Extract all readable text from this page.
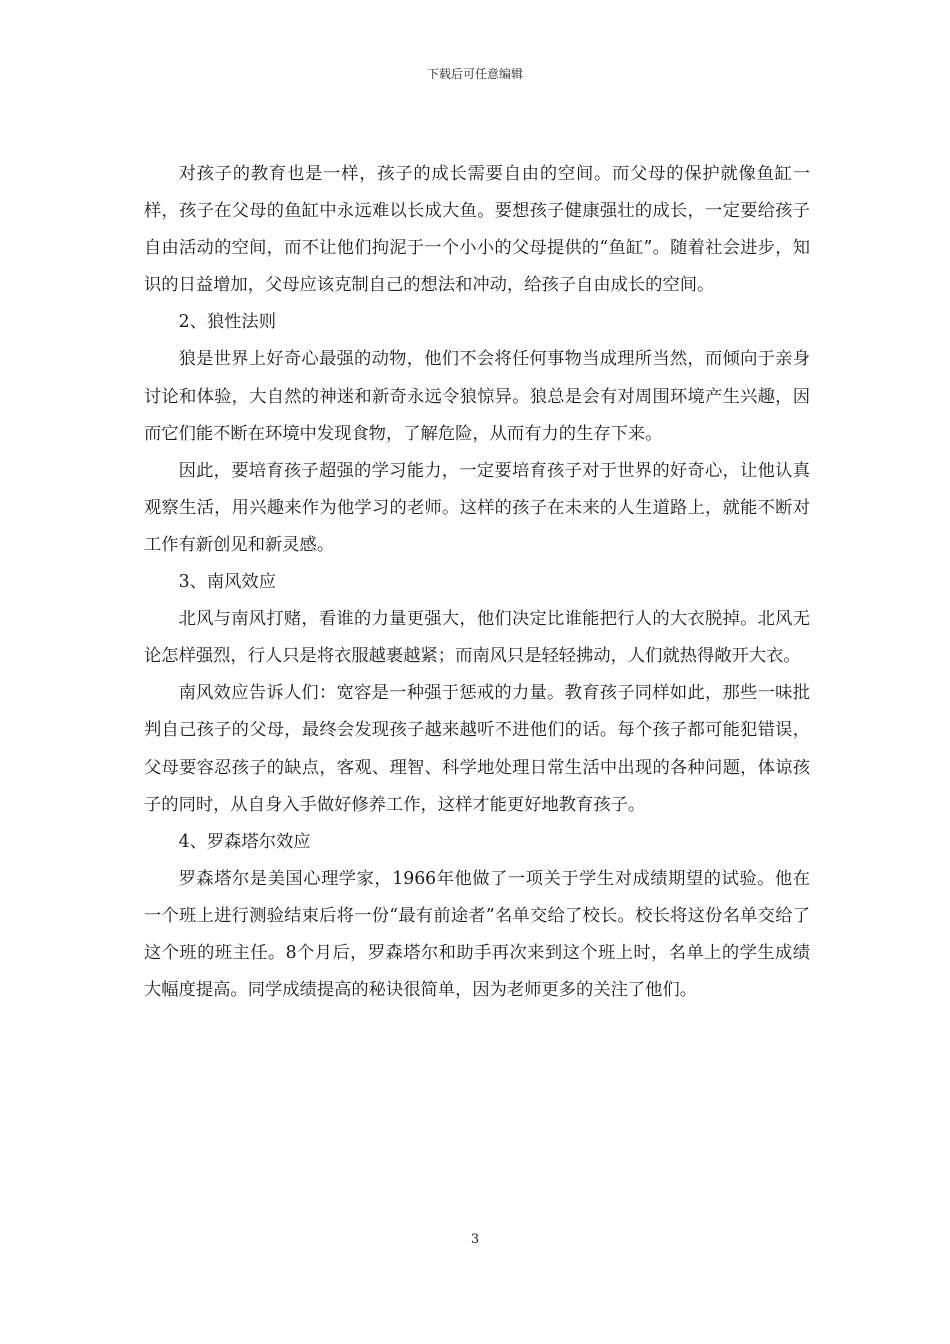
下载后可任意编辑

对孩子的教育也是一样，孩子的成长需要自由的空间。而父母的保护就像鱼缸一样，孩子在父母的鱼缸中永远难以长成大鱼。要想孩子健康强壮的成长，一定要给孩子自由活动的空间，而不让他们拘泥于一个小小的父母提供的“鱼缸”。随着社会进步，知识的日益增加，父母应该克制自己的想法和冲动，给孩子自由成长的空间。

2、狼性法则

狼是世界上好奇心最强的动物，他们不会将任何事物当成理所当然，而倾向于亲身讨论和体验，大自然的神迷和新奇永远令狼惊异。狼总是会有对周围环境产生兴趣，因而它们能不断在环境中发现食物，了解危险，从而有力的生存下来。

因此，要培育孩子超强的学习能力，一定要培育孩子对于世界的好奇心，让他认真观察生活，用兴趣来作为他学习的老师。这样的孩子在未来的人生道路上，就能不断对工作有新创见和新灵感。

3、南风效应

北风与南风打赌，看谁的力量更强大，他们决定比谁能把行人的大衣脱掉。北风无论怎样强烈，行人只是将衣服越裹越紧；而南风只是轻轻拂动，人们就热得敞开大衣。

南风效应告诉人们：宽容是一种强于惩戒的力量。教育孩子同样如此，那些一味批判自己孩子的父母，最终会发现孩子越来越听不进他们的话。每个孩子都可能犯错误，父母要容忍孩子的缺点，客观、理智、科学地处理日常生活中出现的各种问题，体谅孩子的同时，从自身入手做好修养工作，这样才能更好地教育孩子。

4、罗森塔尔效应

罗森塔尔是美国心理学家，1966年他做了一项关于学生对成绩期望的试验。他在一个班上进行测验结束后将一份“最有前途者”名单交给了校长。校长将这份名单交给了这个班的班主任。8个月后，罗森塔尔和助手再次来到这个班上时，名单上的学生成绩大幅度提高。同学成绩提高的秘诀很简单，因为老师更多的关注了他们。

3
